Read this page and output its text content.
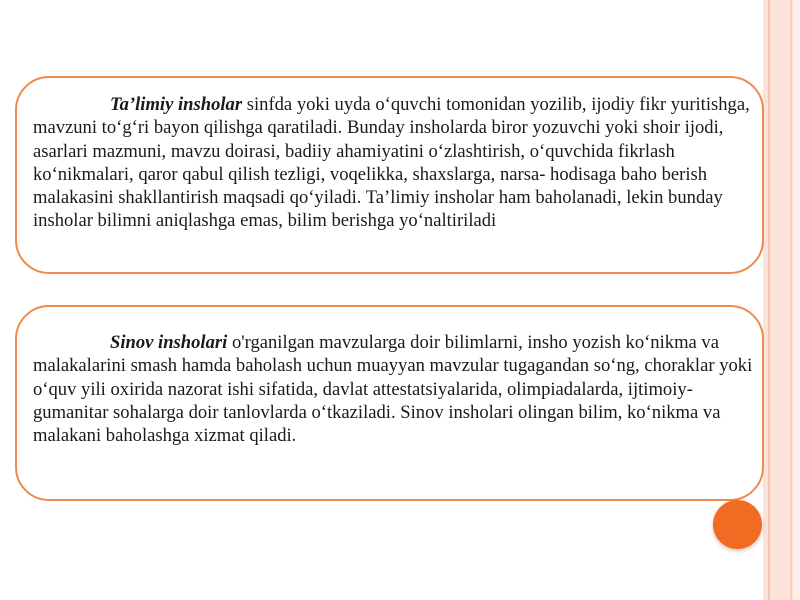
Ta’limiy insholar sinfda yoki uyda o‘quvchi tomonidan yozilib, ijodiy fikr yuritishga, mavzuni to‘g‘ri bayon qilishga qaratiladi. Bunday insholarda biror yozuvchi yoki shoir ijodi, asarlari mazmuni, mavzu doirasi, badiiy ahamiyatini o‘zlashtirish, o‘quvchida fikrlash ko‘nikmalari, qaror qabul qilish tezligi, voqelikka, shaxslarga, narsa- hodisaga baho berish malakasini shakllantirish maqsadi qo‘yiladi. Ta’limiy insholar ham baholanadi, lekin bunday insholar bilimni aniqlashga emas, bilim berishga yo‘naltiriladi

Sinov insholari o'rganilgan mavzularga doir bilimlarni, insho yozish ko‘nikma va malakalarini smash hamda baholash uchun muayyan mavzular tugagandan so‘ng, choraklar yoki o‘quv yili oxirida nazorat ishi sifatida, davlat attestatsiyalarida, olimpiadalarda, ijtimoiy-gumanitar sohalarga doir tanlovlarda o‘tkaziladi. Sinov insholari olingan bilim, ko‘nikma va malakani baholashga xizmat qiladi.
